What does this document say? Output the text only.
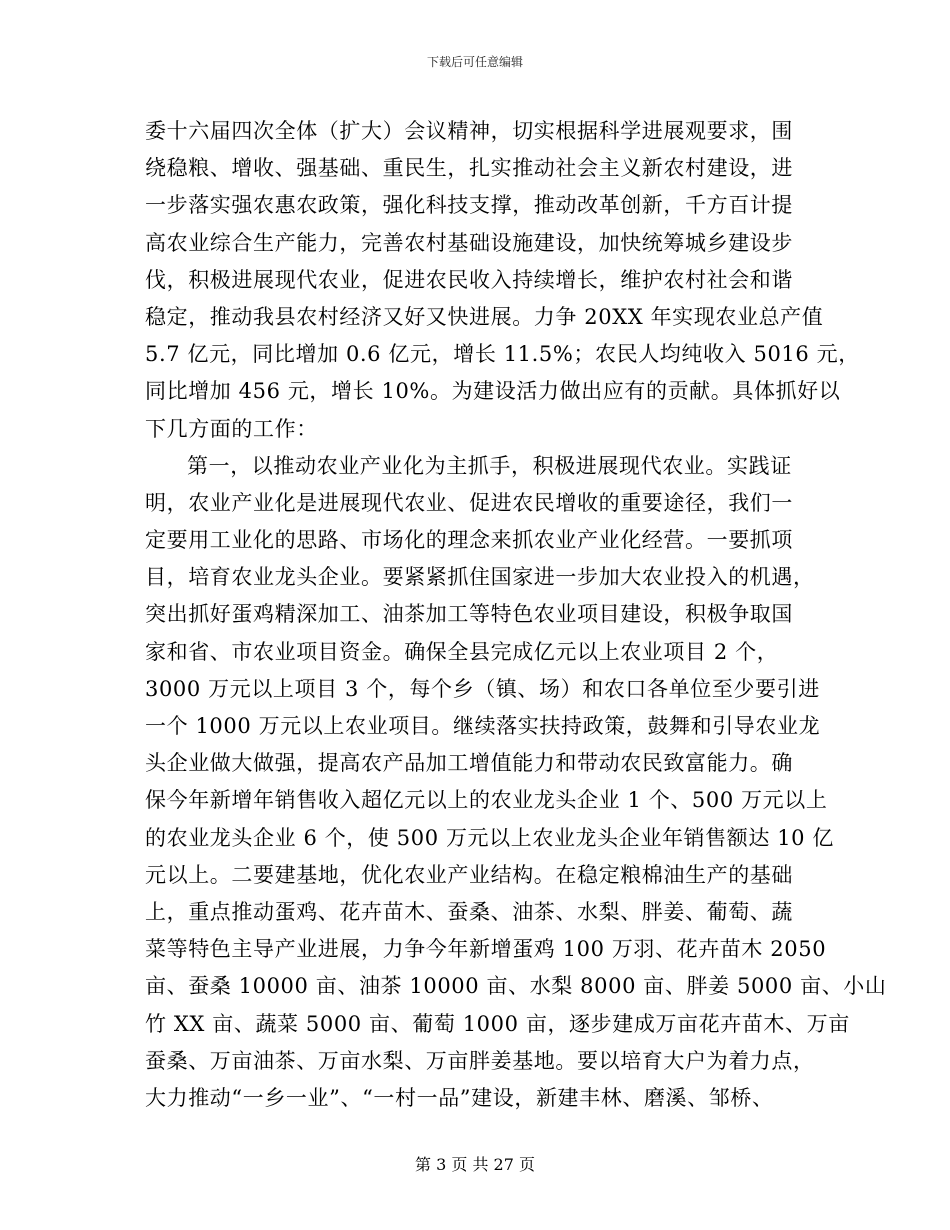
下载后可任意编辑
委十六届四次全体（扩大）会议精神，切实根据科学进展观要求，围
绕稳粮、增收、强基础、重民生，扎实推动社会主义新农村建设，进
一步落实强农惠农政策，强化科技支撑，推动改革创新，千方百计提
高农业综合生产能力，完善农村基础设施建设，加快统筹城乡建设步
伐，积极进展现代农业，促进农民收入持续增长，维护农村社会和谐
稳定，推动我县农村经济又好又快进展。力争 20XX 年实现农业总产值
5.7 亿元，同比增加 0.6 亿元，增长 11.5%；农民人均纯收入 5016 元，
同比增加 456 元，增长 10%。为建设活力做出应有的贡献。具体抓好以
下几方面的工作：
第一，以推动农业产业化为主抓手，积极进展现代农业。实践证
明，农业产业化是进展现代农业、促进农民增收的重要途径，我们一
定要用工业化的思路、市场化的理念来抓农业产业化经营。一要抓项
目，培育农业龙头企业。要紧紧抓住国家进一步加大农业投入的机遇，
突出抓好蛋鸡精深加工、油茶加工等特色农业项目建设，积极争取国
家和省、市农业项目资金。确保全县完成亿元以上农业项目 2 个，
3000 万元以上项目 3 个，每个乡（镇、场）和农口各单位至少要引进
一个 1000 万元以上农业项目。继续落实扶持政策，鼓舞和引导农业龙
头企业做大做强，提高农产品加工增值能力和带动农民致富能力。确
保今年新增年销售收入超亿元以上的农业龙头企业 1 个、500 万元以上
的农业龙头企业 6 个，使 500 万元以上农业龙头企业年销售额达 10 亿
元以上。二要建基地，优化农业产业结构。在稳定粮棉油生产的基础
上，重点推动蛋鸡、花卉苗木、蚕桑、油茶、水梨、胖姜、葡萄、蔬
菜等特色主导产业进展，力争今年新增蛋鸡 100 万羽、花卉苗木 2050
亩、蚕桑 10000 亩、油茶 10000 亩、水梨 8000 亩、胖姜 5000 亩、小山
竹 XX 亩、蔬菜 5000 亩、葡萄 1000 亩，逐步建成万亩花卉苗木、万亩
蚕桑、万亩油茶、万亩水梨、万亩胖姜基地。要以培育大户为着力点，
大力推动“一乡一业”、“一村一品”建设，新建丰林、磨溪、邹桥、
第 3 页 共 27 页
